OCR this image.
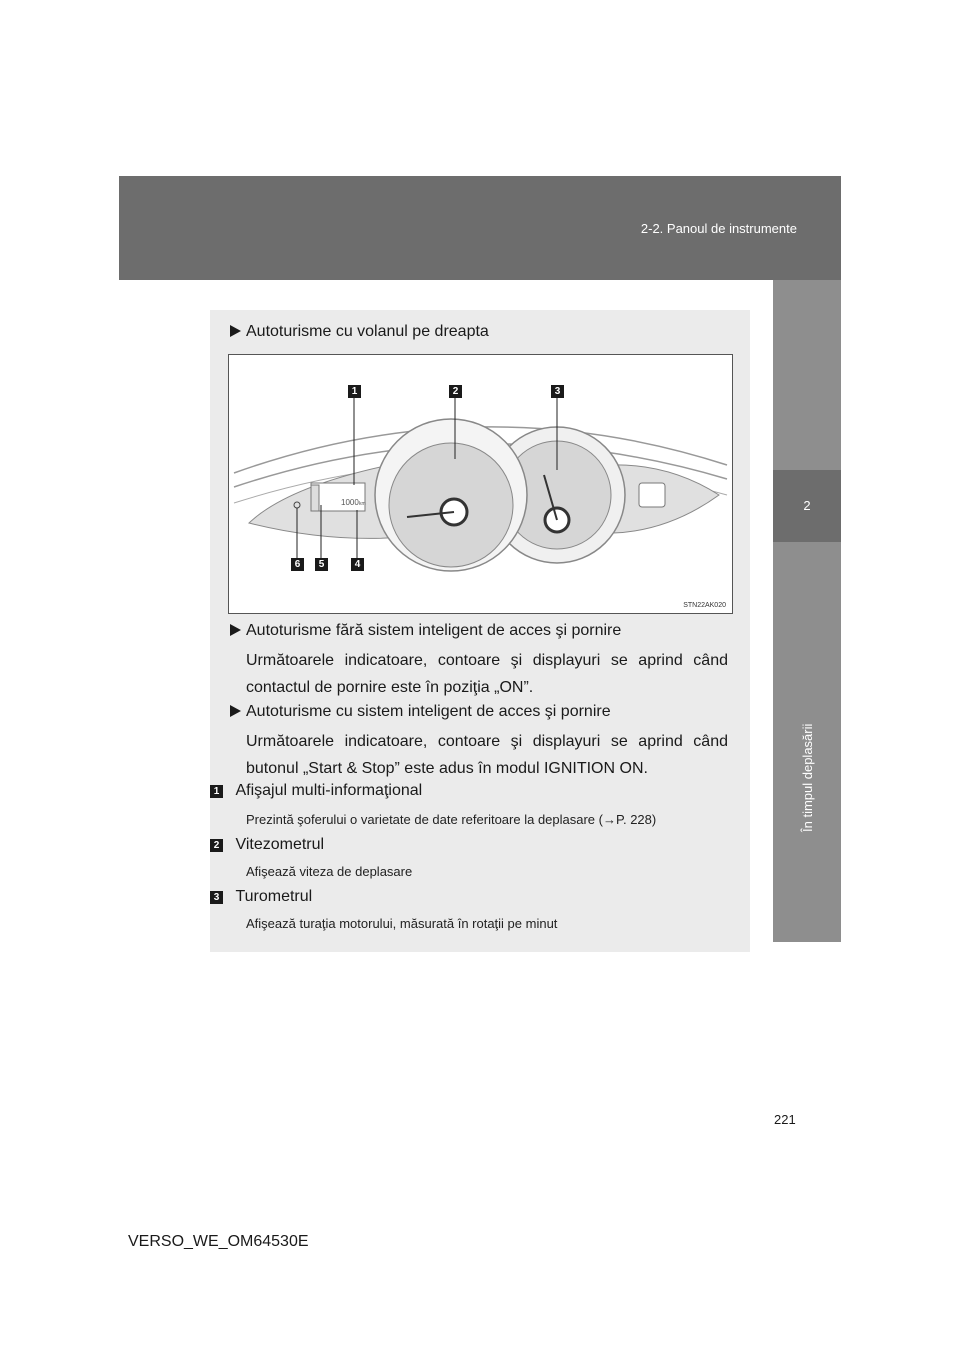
2-2. Panoul de instrumente
2
În timpul deplasării
Autoturisme cu volanul pe dreapta
1000 km
1	2	3
6	5	4
STN22AK020
Autoturisme fără sistem inteligent de acces şi pornire
Următoarele indicatoare, contoare şi displayuri se aprind când contactul de pornire este în poziţia „ON”.
Autoturisme cu sistem inteligent de acces şi pornire
Următoarele indicatoare, contoare şi displayuri se aprind când butonul „Start & Stop” este adus în modul IGNITION ON.
1 Afişajul multi-informaţional
Prezintă şoferului o varietate de date referitoare la deplasare (→P. 228)
2 Vitezometrul
Afişează viteza de deplasare
3 Turometrul
Afişează turaţia motorului, măsurată în rotaţii pe minut
221
VERSO_WE_OM64530E
